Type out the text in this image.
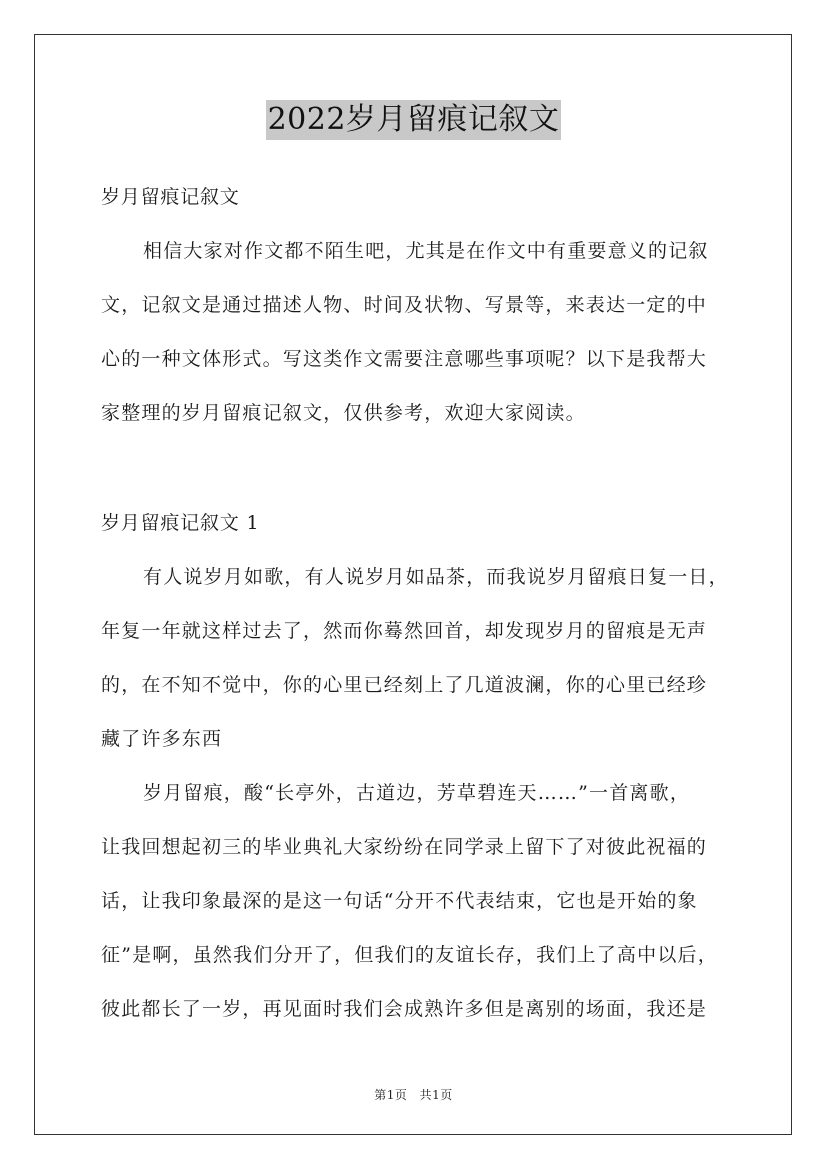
2022岁月留痕记叙文
岁月留痕记叙文
相信大家对作文都不陌生吧，尤其是在作文中有重要意义的记叙
文，记叙文是通过描述人物、时间及状物、写景等，来表达一定的中
心的一种文体形式。写这类作文需要注意哪些事项呢？以下是我帮大
家整理的岁月留痕记叙文，仅供参考，欢迎大家阅读。
岁月留痕记叙文 1
有人说岁月如歌，有人说岁月如品茶，而我说岁月留痕日复一日，
年复一年就这样过去了，然而你蓦然回首，却发现岁月的留痕是无声
的，在不知不觉中，你的心里已经刻上了几道波澜，你的心里已经珍
藏了许多东西
岁月留痕，酸“长亭外，古道边，芳草碧连天……”一首离歌，
让我回想起初三的毕业典礼大家纷纷在同学录上留下了对彼此祝福的
话，让我印象最深的是这一句话“分开不代表结束，它也是开始的象
征”是啊，虽然我们分开了，但我们的友谊长存，我们上了高中以后，
彼此都长了一岁，再见面时我们会成熟许多但是离别的场面，我还是
第1页 共1页
